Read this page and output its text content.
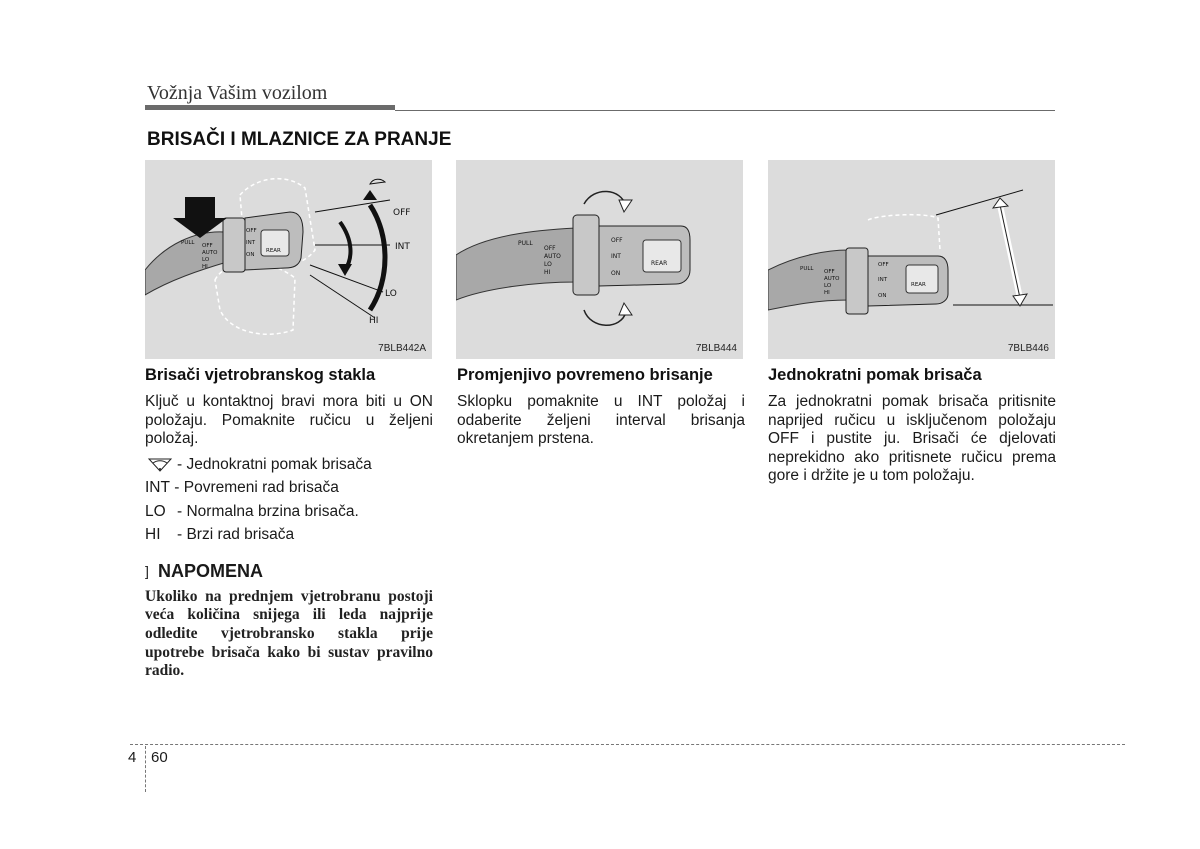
Vožnja Vašim vozilom
BRISAČI I MLAZNICE ZA PRANJE
PULL OFF
AUTO
LO
HI
INT
ON
OFF
REAR
OFF
INT
LO
HI
7BLB442A
PULL
OFF
AUTO
LO
HI
OFF
INT
ON
REAR
7BLB444
PULL OFF
AUTO
LO
HI
OFF
INT
ON
REAR
7BLB446
Brisači vjetrobranskog stakla

Ključ u kontaktnoj bravi mora biti u ON položaju. Pomaknite ručicu u željeni položaj.

- Jednokratni pomak brisača
INT
- Povremeni rad brisača
LO - Normalna brzina brisača.
HI	- Brzi rad brisača
] NAPOMENA

Ukoliko na prednjem vjetrobranu postoji veća količina snijega ili leda najprije odledite vjetrobransko stakla prije upotrebe brisača kako bi sustav pravilno radio.

Promjenjivo povremeno brisanje

Sklopku pomaknite u INT položaj i odaberite željeni interval brisanja okretanjem prstena.

Jednokratni pomak brisača

Za jednokratni pomak brisača pritisnite naprijed ručicu u isključenom položaju OFF i pustite ju. Brisači će djelovati neprekidno ako pritisnete ručicu prema gore i držite je u tom položaju.

4 60
